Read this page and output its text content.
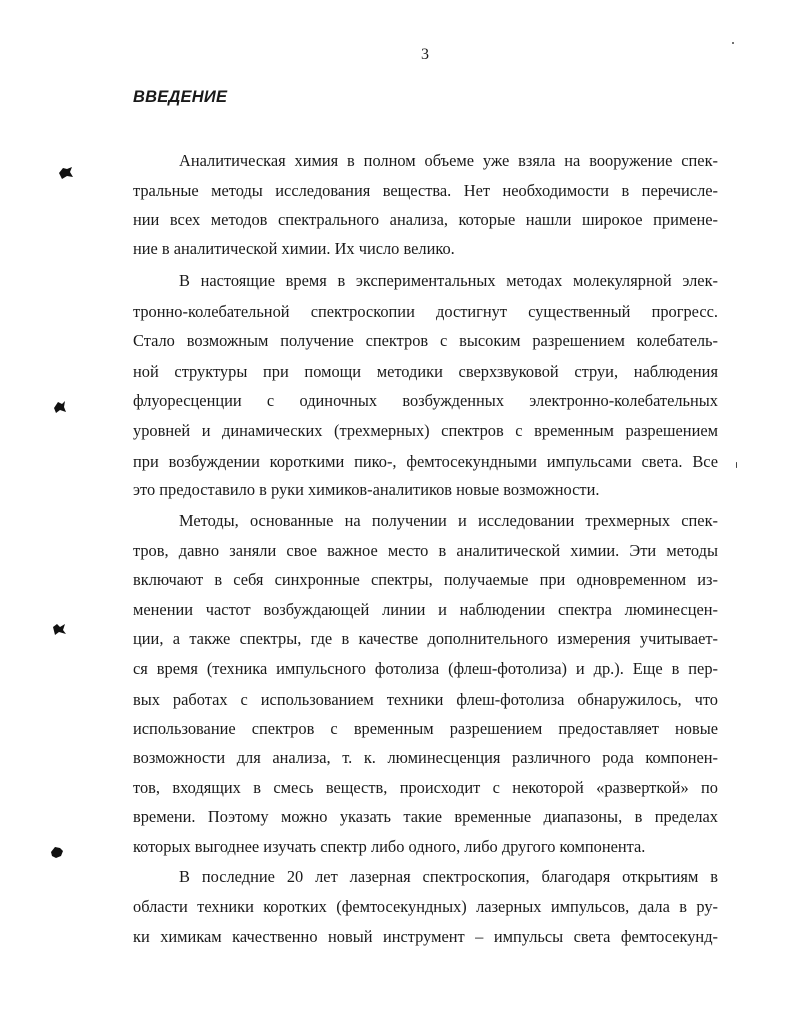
3
ВВЕДЕНИЕ
Аналитическая химия в полном объеме уже взяла на вооружение спек-
тральные методы исследования вещества. Нет необходимости в перечисле-
нии всех методов спектрального анализа, которые нашли широкое примене-
ние в аналитической химии. Их число велико.
В настоящие время в экспериментальных методах молекулярной элек-
тронно-колебательной спектроскопии достигнут существенный прогресс.
Стало возможным получение спектров с высоким разрешением колебатель-
ной структуры при помощи методики сверхзвуковой струи, наблюдения
флуоресценции с одиночных возбужденных электронно-колебательных
уровней и динамических (трехмерных) спектров с временным разрешением
при возбуждении короткими пико-, фемтосекундными импульсами света. Все
это предоставило в руки химиков-аналитиков новые возможности.
Методы, основанные на получении и исследовании трехмерных спек-
тров, давно заняли свое важное место в аналитической химии. Эти методы
включают в себя синхронные спектры, получаемые при одновременном из-
менении частот возбуждающей линии и наблюдении спектра люминесцен-
ции, а также спектры, где в качестве дополнительного измерения учитывает-
ся время (техника импульсного фотолиза (флеш-фотолиза) и др.). Еще в пер-
вых работах с использованием техники флеш-фотолиза обнаружилось, что
использование спектров с временным разрешением предоставляет новые
возможности для анализа, т. к. люминесценция различного рода компонен-
тов, входящих в смесь веществ, происходит с некоторой «разверткой» по
времени. Поэтому можно указать такие временные диапазоны, в пределах
которых выгоднее изучать спектр либо одного, либо другого компонента.
В последние 20 лет лазерная спектроскопия, благодаря открытиям в
области техники коротких (фемтосекундных) лазерных импульсов, дала в ру-
ки химикам качественно новый инструмент – импульсы света фемтосекунд-
